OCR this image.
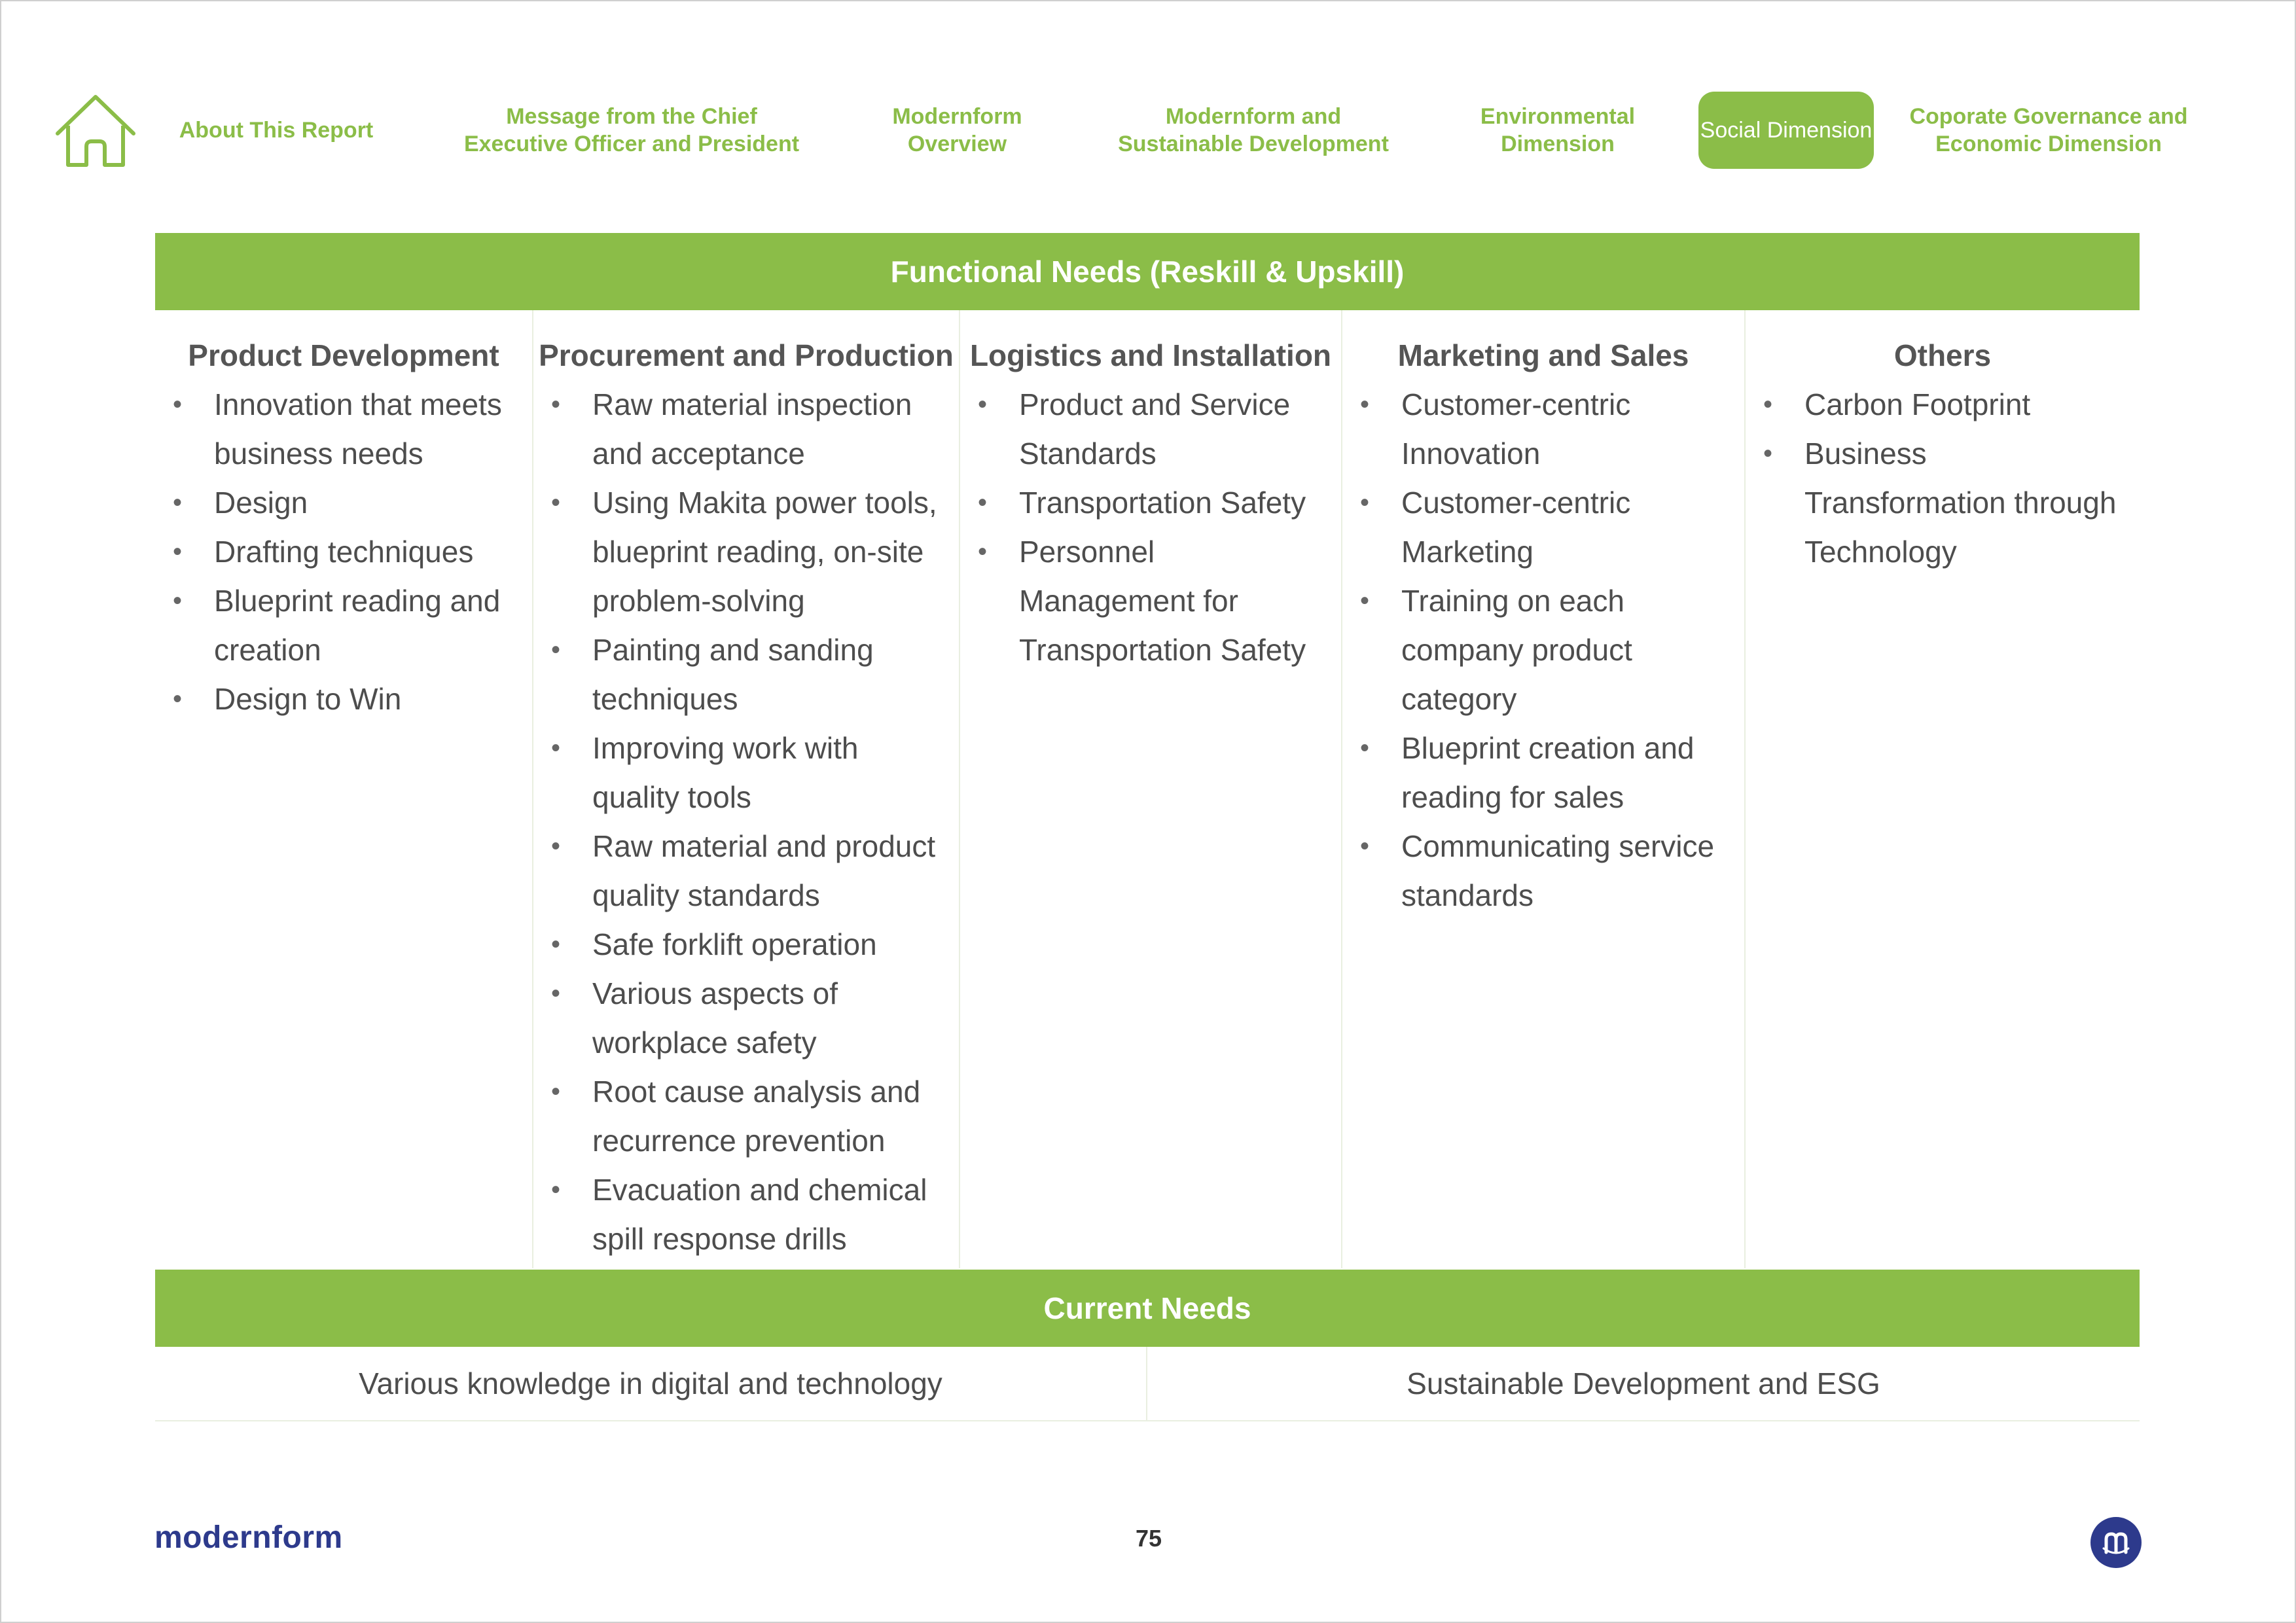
About This Report
Message from the Chief Executive Officer and President
Modernform Overview
Modernform and Sustainable Development
Environmental Dimension
Social Dimension
Coporate Governance and Economic Dimension
Functional Needs (Reskill & Upskill)
Product Development
• Innovation that meets business needs
• Design
• Drafting techniques
• Blueprint reading and creation
• Design to Win
Procurement and Production
• Raw material inspection and acceptance
• Using Makita power tools, blueprint reading, on-site problem-solving
• Painting and sanding techniques
• Improving work with quality tools
• Raw material and product quality standards
• Safe forklift operation
• Various aspects of workplace safety
• Root cause analysis and recurrence prevention
• Evacuation and chemical spill response drills
Logistics and Installation
• Product and Service Standards
• Transportation Safety
• Personnel Management for Transportation Safety
Marketing and Sales
• Customer-centric Innovation
• Customer-centric Marketing
• Training on each company product category
• Blueprint creation and reading for sales
• Communicating service standards
Others
• Carbon Footprint
• Business Transformation through Technology
Current Needs
Various knowledge in digital and technology	Sustainable Development and ESG
modernform	75
